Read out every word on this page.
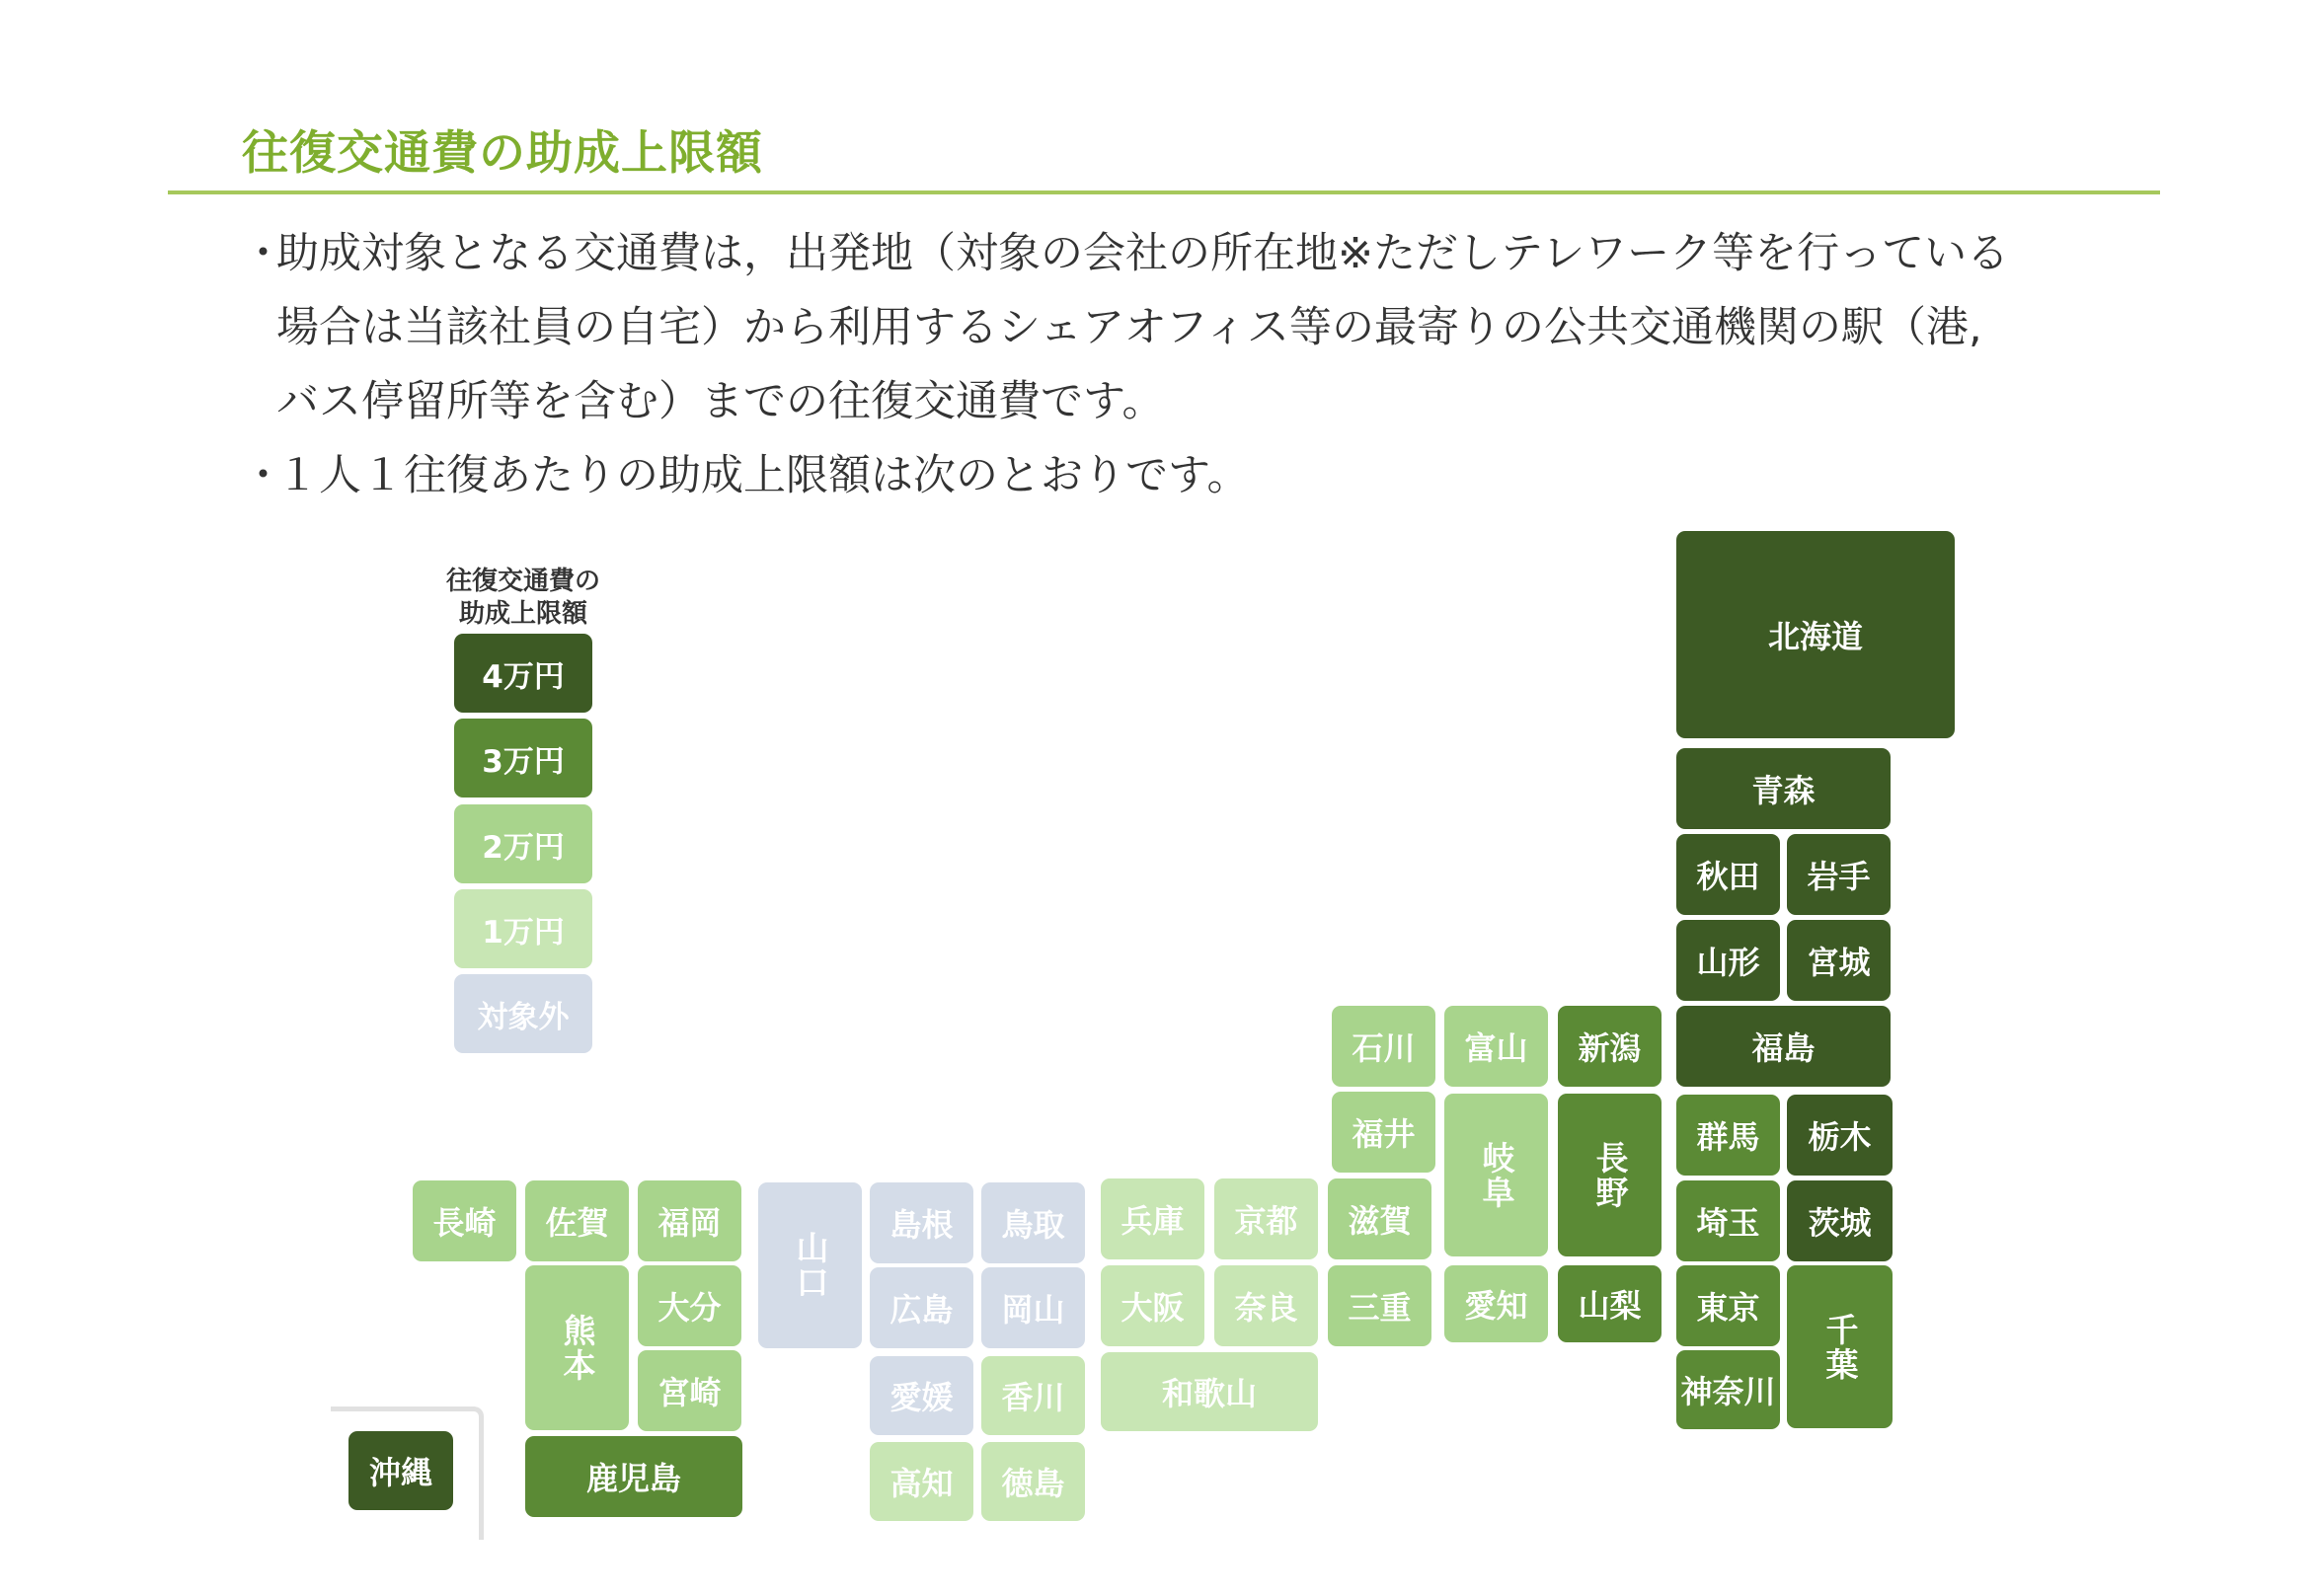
往復交通費の助成上限額
・
助成対象となる交通費は，出発地（対象の会社の所在地※ただしテレワーク等を行っている
場合は当該社員の自宅）から利用するシェアオフィス等の最寄りの公共交通機関の駅（港,
バス停留所等を含む）までの往復交通費です。
・
１人１往復あたりの助成上限額は次のとおりです。
往復交通費の
助成上限額
4万円
3万円
2万円
1万円
対象外
北海道
青森
秋田	岩手
山形	宮城
福島
群馬	栃木
埼玉	茨城
東京
千葉
神奈川
新潟
長野
山梨
富山
岐阜
愛知
石川
福井
滋賀
三重
京都
兵庫
大阪	奈良
和歌山
鳥取
島根
岡山
広島
山口
香川
愛媛
高知	徳島
福岡
佐賀
長崎
大分
熊本
宮崎
鹿児島
沖縄
